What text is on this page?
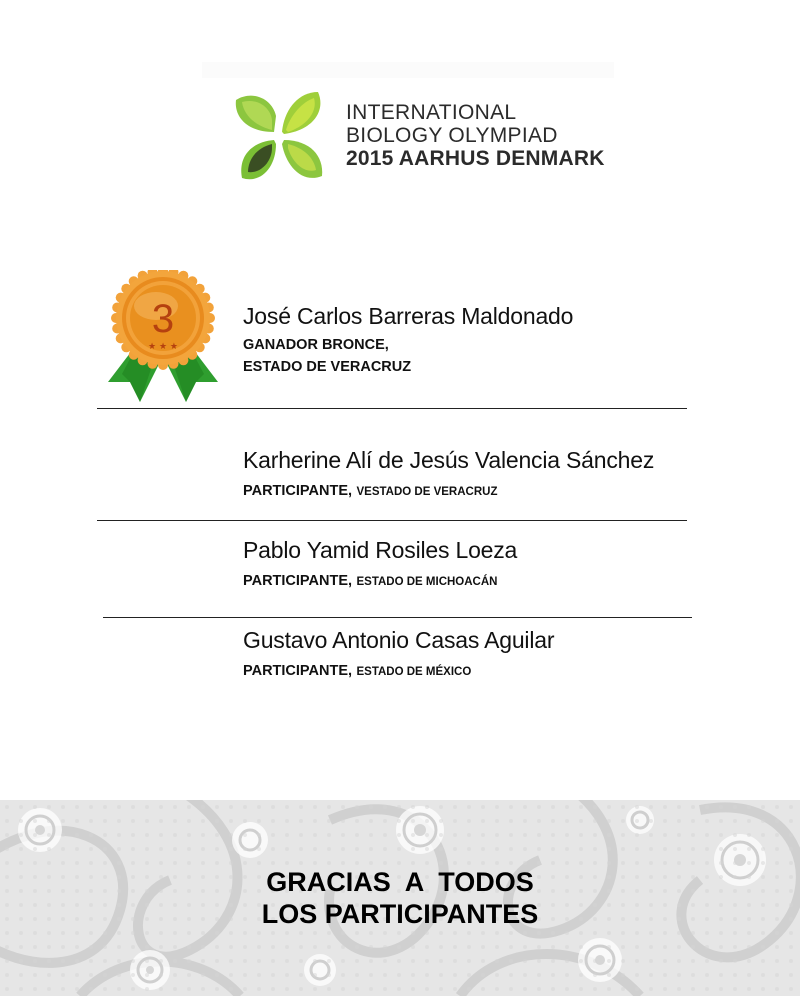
INTERNATIONAL
BIOLOGY OLYMPIAD
2015 AARHUS DENMARK
3
★ ★ ★
José Carlos Barreras Maldonado
GANADOR BRONCE,
ESTADO DE VERACRUZ
Karherine Alí de Jesús Valencia Sánchez
PARTICIPANTE, VESTADO DE VERACRUZ
Pablo Yamid Rosiles Loeza
PARTICIPANTE, ESTADO DE MICHOACÁN
Gustavo Antonio Casas Aguilar
PARTICIPANTE, ESTADO DE MÉXICO
GRACIAS  A  TODOS
LOS PARTICIPANTES
